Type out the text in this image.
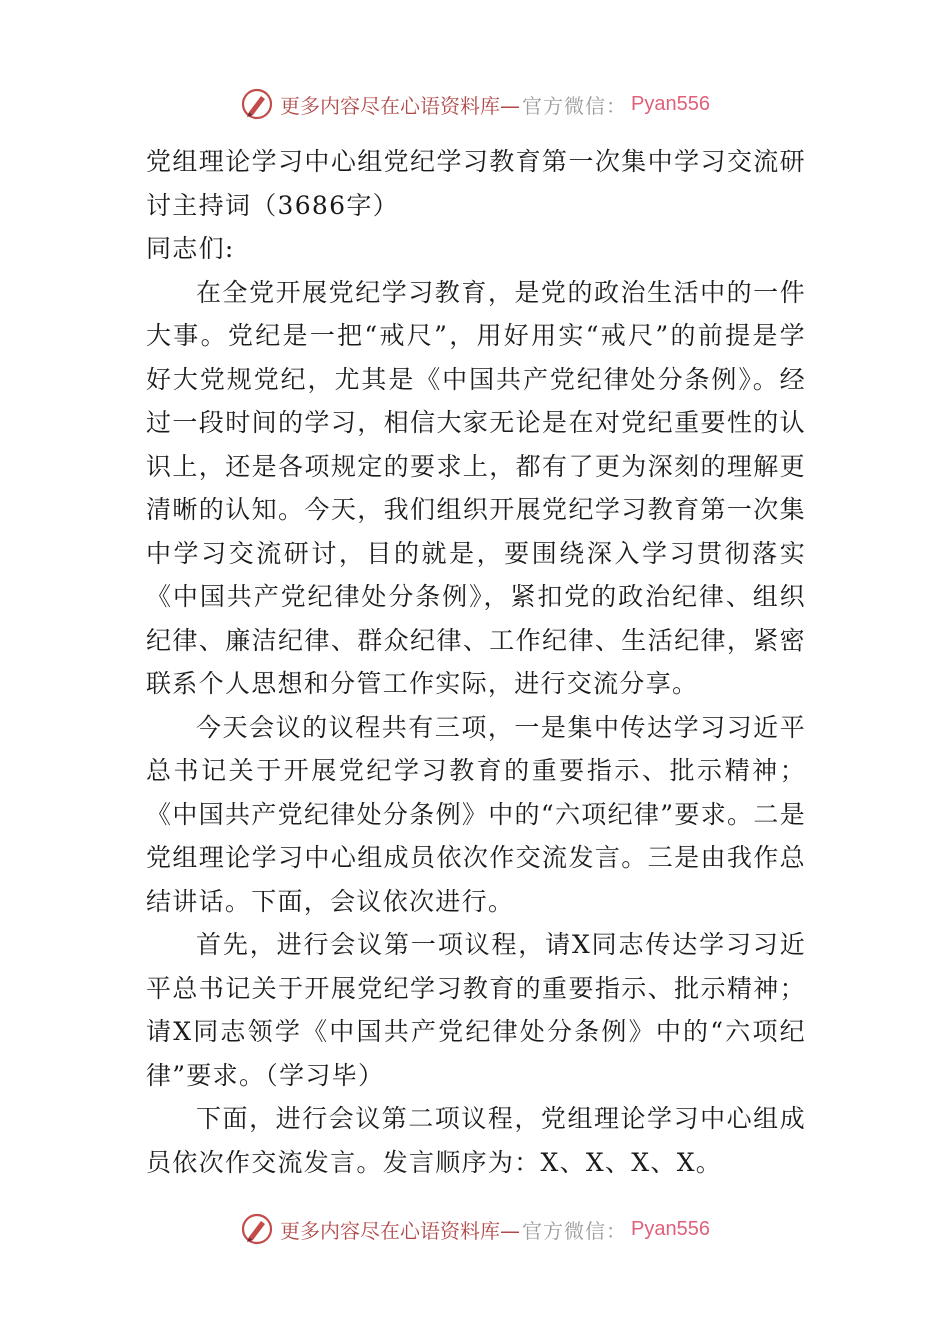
更多内容尽在心语资料库— 官方微信： Pyan556

党组理论学习中心组党纪学习教育第一次集中学习交流研讨主持词（3686字）

同志们:

在全党开展党纪学习教育，是党的政治生活中的一件大事。党纪是一把“戒尺”，用好用实“戒尺”的前提是学好大党规党纪，尤其是《中国共产党纪律处分条例》。经过一段时间的学习，相信大家无论是在对党纪重要性的认识上，还是各项规定的要求上，都有了更为深刻的理解更清晰的认知。今天，我们组织开展党纪学习教育第一次集中学习交流研讨，目的就是，要围绕深入学习贯彻落实《中国共产党纪律处分条例》，紧扣党的政治纪律、组织纪律、廉洁纪律、群众纪律、工作纪律、生活纪律，紧密联系个人思想和分管工作实际，进行交流分享。

今天会议的议程共有三项，一是集中传达学习习近平总书记关于开展党纪学习教育的重要指示、批示精神；《中国共产党纪律处分条例》中的“六项纪律”要求。二是党组理论学习中心组成员依次作交流发言。三是由我作总结讲话。下面，会议依次进行。

首先，进行会议第一项议程，请X同志传达学习习近平总书记关于开展党纪学习教育的重要指示、批示精神；请X同志领学《中国共产党纪律处分条例》中的“六项纪律”要求。（学习毕）

下面，进行会议第二项议程，党组理论学习中心组成员依次作交流发言。发言顺序为：X、X、X、X。

更多内容尽在心语资料库— 官方微信： Pyan556
